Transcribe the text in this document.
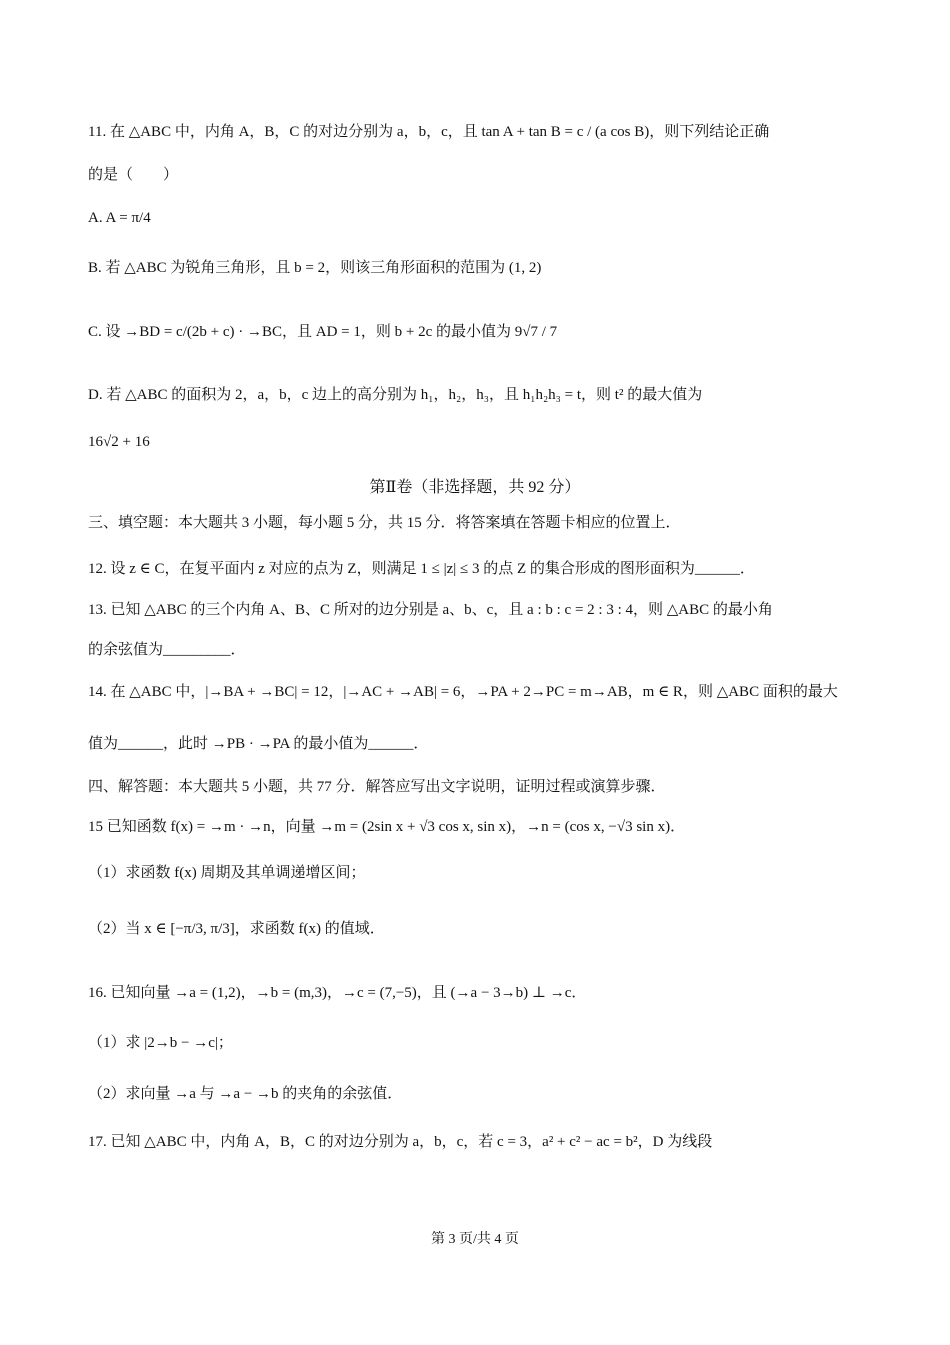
11. 在 △ABC 中，内角 A，B，C 的对边分别为 a，b，c，且 tan A + tan B = c / (a cos B)，则下列结论正确
的是（　　）
A. A = π/4
B. 若 △ABC 为锐角三角形，且 b = 2，则该三角形面积的范围为 (1, 2)
C. 设 →BD = c/(2b + c) · →BC，且 AD = 1，则 b + 2c 的最小值为 9√7 / 7
D. 若 △ABC 的面积为 2，a，b，c 边上的高分别为 h₁，h₂，h₃，且 h₁h₂h₃ = t，则 t² 的最大值为
16√2 + 16
第Ⅱ卷（非选择题，共 92 分）
三、填空题：本大题共 3 小题，每小题 5 分，共 15 分．将答案填在答题卡相应的位置上．
12. 设 z ∈ C，在复平面内 z 对应的点为 Z，则满足 1 ≤ |z| ≤ 3 的点 Z 的集合形成的图形面积为______．
13. 已知 △ABC 的三个内角 A、B、C 所对的边分别是 a、b、c，且 a : b : c = 2 : 3 : 4，则 △ABC 的最小角
的余弦值为_________．
14. 在 △ABC 中，|→BA + →BC| = 12，|→AC + →AB| = 6，→PA + 2→PC = m→AB，m ∈ R，则 △ABC 面积的最大
值为______，此时 →PB · →PA 的最小值为______．
四、解答题：本大题共 5 小题，共 77 分．解答应写出文字说明，证明过程或演算步骤．
15 已知函数 f(x) = →m · →n，向量 →m = (2sin x + √3 cos x, sin x)，→n = (cos x, −√3 sin x)．
（1）求函数 f(x) 周期及其单调递增区间；
（2）当 x ∈ [−π/3, π/3]，求函数 f(x) 的值域．
16. 已知向量 →a = (1,2)，→b = (m,3)，→c = (7,−5)，且 (→a − 3→b) ⊥ →c．
（1）求 |2→b − →c|；
（2）求向量 →a 与 →a − →b 的夹角的余弦值．
17. 已知 △ABC 中，内角 A，B，C 的对边分别为 a，b，c，若 c = 3，a² + c² − ac = b²，D 为线段
第 3 页/共 4 页
